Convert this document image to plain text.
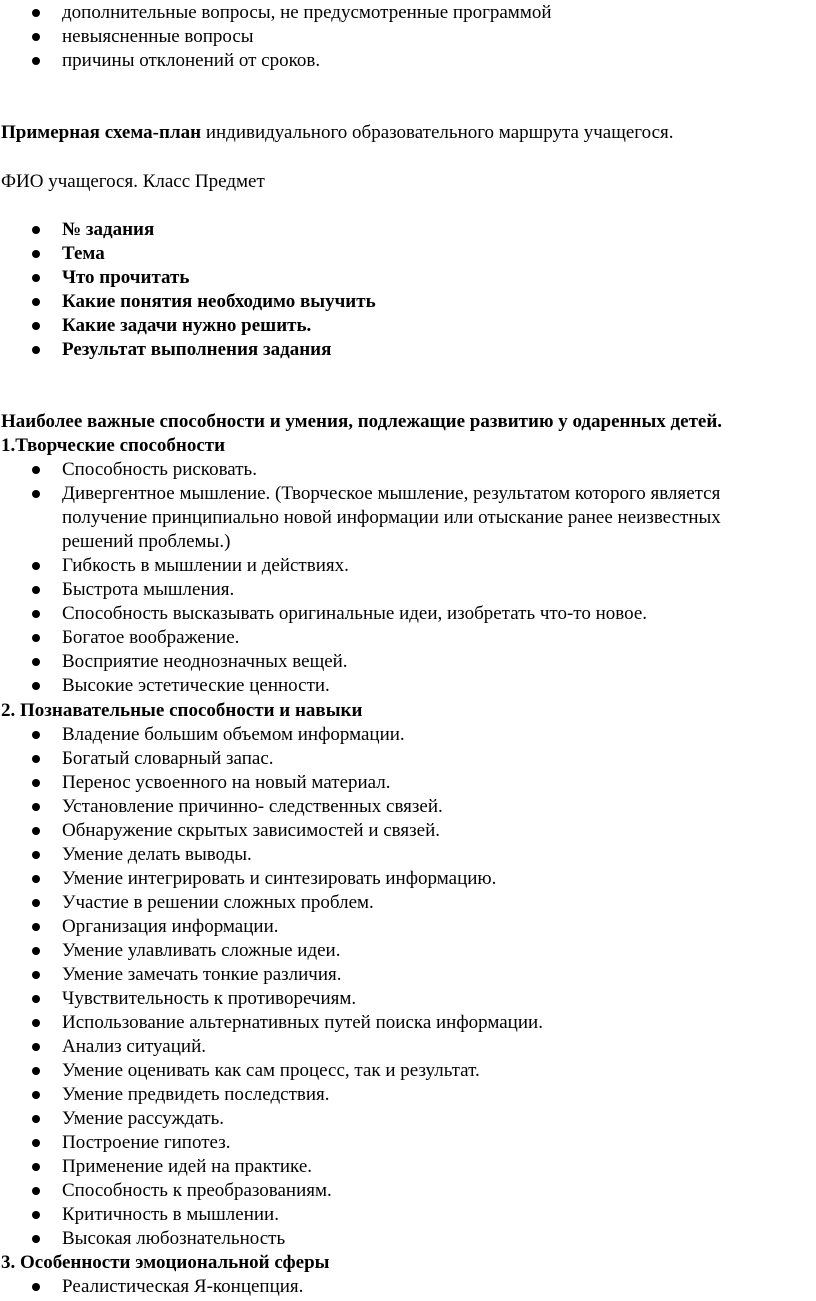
дополнительные вопросы, не предусмотренные программой
невыясненные вопросы
причины отклонений от сроков.
Примерная схема-план индивидуального образовательного маршрута учащегося.
ФИО учащегося. Класс Предмет
№ задания
Тема
Что прочитать
Какие понятия необходимо выучить
Какие задачи нужно решить.
Результат выполнения задания
Наиболее важные способности и умения, подлежащие развитию у одаренных детей.
1.Творческие способности
Способность рисковать.
Дивергентное мышление. (Творческое мышление, результатом которого является получение принципиально новой информации или отыскание ранее неизвестных решений проблемы.)
Гибкость в мышлении и действиях.
Быстрота мышления.
Способность высказывать оригинальные идеи, изобретать что-то новое.
Богатое воображение.
Восприятие неоднозначных вещей.
Высокие эстетические ценности.
2. Познавательные способности и навыки
Владение большим объемом информации.
Богатый словарный запас.
Перенос усвоенного на новый материал.
Установление причинно- следственных связей.
Обнаружение скрытых зависимостей и связей.
Умение делать выводы.
Умение интегрировать и синтезировать информацию.
Участие в решении сложных проблем.
Организация информации.
Умение улавливать сложные идеи.
Умение замечать тонкие различия.
Чувствительность к противоречиям.
Использование альтернативных путей поиска информации.
Анализ ситуаций.
Умение оценивать как сам процесс, так и результат.
Умение предвидеть последствия.
Умение рассуждать.
Построение гипотез.
Применение идей на практике.
Способность к преобразованиям.
Критичность в мышлении.
Высокая любознательность
3. Особенности эмоциональной сферы
Реалистическая Я-концепция.
